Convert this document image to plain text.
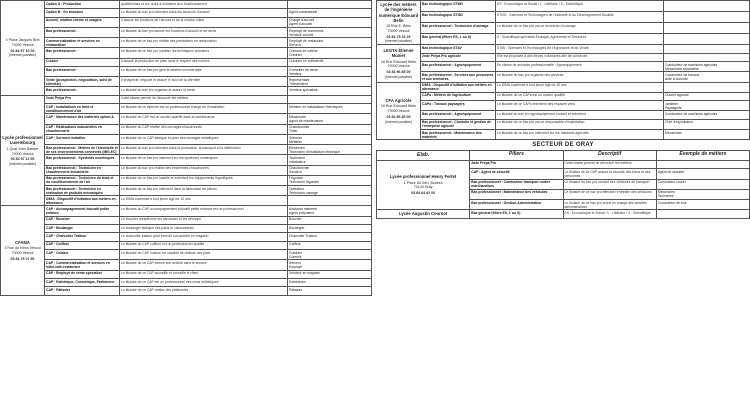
4 Place Jacques Brel
70000 Vesoul
03 84 97 10 00
(Internet possible)	Option A : Production	quotidiennes et sur ordre à maintenir leur fonctionnement	

	Option B : En structure	Le titulaire du bac pro intervient dans les secteurs d'accueil	Agent administratif

	Accueil, relation clients et usagers	Il assure les fonctions de l'accueil et de la relation client	Chargé d'accueil
Agent d'accueil

	Bac professionnel :	Le titulaire du bac pro assure les fonctions d'accueil et de vente	Employé de commerce
Vendeur conseil

	Commercialisation et services en restauration	Le titulaire de ce bac pro réalise des prestations en restauration	Employé de restaurant
Serveur

	Bac professionnel :	Le titulaire de ce bac pro maîtrise les techniques culinaires	Commis de cuisine
Cuisinier

	Cuisine	Il assure la production de plats dans le respect des normes	Cuisinier en collectivité

	Bac professionnel :	Le titulaire de ce bac pro gère la relation commerciale	Conseiller de vente
Vendeur

	Vente (prospection, négociation, suivi de clientèle)	Il prospecte, négocie et assure le suivi de la clientèle	Représentant
Télévendeur

	Bac professionnel :	Le titulaire du bac pro organise et assure la vente	Vendeur spécialisé

Lycée professionnel Luxembourg
1 Quai Yves Barbier
70000 Vesoul
03 84 97 11 00
(Internet possible)	2nde Prépa Pro	Cette classe permet de découvrir les métiers	

	CAP : Installations en froid et conditionnement d'air	Le titulaire de ce diplôme est un professionnel chargé de l'installation	Monteur en installations thermiques

	CAP : Maintenance des matériels option A	Le titulaire du CAP est un ouvrier qualifié dans la maintenance	Mécanicien
Agent de maintenance

	CAP : Réalisations industrielles en chaudronnerie	Le titulaire du CAP réalise des ouvrages chaudronnés	Chaudronnier
Tôlier

	CAP : Serrurier métallier	Le titulaire de ce CAP fabrique et pose des ouvrages métalliques	Serrurier
Métallier

	Bac professionnel : Métiers de l'électricité et de ses environnements connectés (MELEC)	Le titulaire du bac pro intervient dans la production, le transport et la distribution	Electricien
Technicien d'installation électrique

	Bac professionnel : Systèmes numériques	Le titulaire de ce bac pro intervient sur les systèmes numériques	Technicien
Installateur

	Bac professionnel : Technicien en chaudronnerie industrielle	Le titulaire du bac pro réalise des ensembles chaudronnés	Chaudronnier
Soudeur

	Bac professionnel : Technicien du froid et du conditionnement de l'air	Le titulaire de ce bac pro installe et entretient les équipements frigorifiques	Frigoriste
Technicien frigoriste

	Bac professionnel : Technicien en réalisation de produits mécaniques	Le titulaire de ce bac pro intervient dans la fabrication de pièces	Opérateur
Technicien usinage

	DIMA : Dispositif d'initiation aux métiers en alternance	Le DIMA s'adresse à tout jeune âgé de 15 ans	

CFAMA
3 Rue du Vieux Vesoul
70000 Vesoul
03 84 76 07 96	CAP : Accompagnement éducatif petite enfance	Le titulaire du CAP accompagnement éducatif petite enfance est un professionnel	Assistant maternel
Agent polyvalent

	CAP : Boucher	Le boucher réceptionne les carcasses et les découpe	Boucher

	CAP : Boulanger	Le boulanger fabrique des pains et viennoiseries	Boulanger

	CAP : Charcutier Traiteur	Le charcutier-traiteur peut exercer son activité en magasin	Charcutier Traiteur

	CAP : Coiffure	Le titulaire du CAP coiffure est un professionnel qualifié	Coiffeur

	CAP : Cuisine	Le titulaire du CAP cuisine est capable de réaliser des plats	Cuisinier
Commis

	CAP : Commercialisation et services en hôtel-café-restaurant	Le titulaire de ce CAP exerce son activité dans le secteur	Serveur
Employé

	CAP : Employé de vente spécialisé	Le titulaire de ce CAP accueille et conseille le client	Vendeur en magasin

	CAP : Esthétique, Cosmétique, Parfumerie	Le titulaire de ce CAP est un professionnel des soins esthétiques	Esthéticien

	CAP : Pâtissier	Le titulaire de ce CAP réalise des pâtisseries	Pâtissier
Lycée des métiers de l'ingénierie numérique Édouard Belin
18 Rue E. Belin
70000 Vesoul
03 84 75 33 29
(Internet possible)	Bac technologique STMG	ES : Economique et Social / L : Littéraire / S : Scientifique	

	Bac technologique STI2D	STI2D : Sciences et Technologies de l'Industrie et du Développement Durable	

	Bac professionnel : Technicien d'usinage	Le titulaire de ce bac pro est un technicien d'usinage	

	Bac général (filière ES, L ou S)	S : Scientifique spécialité Écologie, Agronomie et Territoires	

LEGTA Étienne Munier
16 Rue Édouard Belin
70000 Vesoul
03 84 96 85 00
(Internet possible)	Bac technologique STAV	STAV : Sciences et Technologies de l'Agronomie et du Vivant	

	2nde Prépa Pro agricole	Elle est proposée à des élèves volontaires afin de construire	

	Bac professionnel : Agroéquipement	En classe de seconde professionnelle : Agroéquipement	Conducteur de machines agricoles
Mécanicien réparateur

	Bac professionnel : Services aux personnes et aux territoires	Le titulaire du bac pro organise des services	Conducteur de travaux
Aide à domicile

CFA Agricole
16 Rue Édouard Belin
70000 Vesoul
03 84 96 85 00
(Internet possible)	DIMA : Dispositif d'initiation aux métiers en alternance	Le DIMA s'adresse à tout jeune âgé de 15 ans	

	CAPa : Métiers de l'agriculture	Le titulaire de ce CAPa est un ouvrier qualifié	Ouvrier agricole

	CAPa : Travaux paysagers	Le titulaire de ce CAPa entretient des espaces verts	Jardinier
Paysagiste

	Bac professionnel : Agroéquipement	Le titulaire du bac pro agroéquipement conduit et entretient	Conducteur de machines agricoles

	Bac professionnel : Conduite et gestion de l'entreprise agricole	Le titulaire de ce bac pro est un responsable d'exploitation	Chef d'exploitation

	Bac professionnel : Maintenance des matériels	Le titulaire de ce bac pro intervient sur les matériels agricoles	Mécanicien
SECTEUR DE GRAY			
Etab.	Piliers	Descriptif	Exemple de métiers

Lycée professionnel Henry Fertet
1 Place du Gén. Boichut
70100 Gray
03 84 64 82 00	2nde Prépa Pro	Cette classe permet de découvrir les métiers	

	CAP : Agent de sécurité	Le titulaire de ce CAP assure la sécurité des biens et des personnes	Agent de sécurité

	Bac professionnel : Conducteur transport routier marchandises	Le titulaire du bac pro conduit des véhicules de transport	Conducteur routier

	Bac professionnel : Maintenance des véhicules	Le titulaire de ce bac pro effectue l'entretien des véhicules	Mécanicien
Technicien

	Bac professionnel : Gestion-Administration	Le titulaire de ce bac pro prend en charge des activités administratives	Conducteur de bus

Lycée Augustin Cournot	Bac général (filière ES, L ou S)	ES : Economique et Social / L : Littéraire / S : Scientifique	
